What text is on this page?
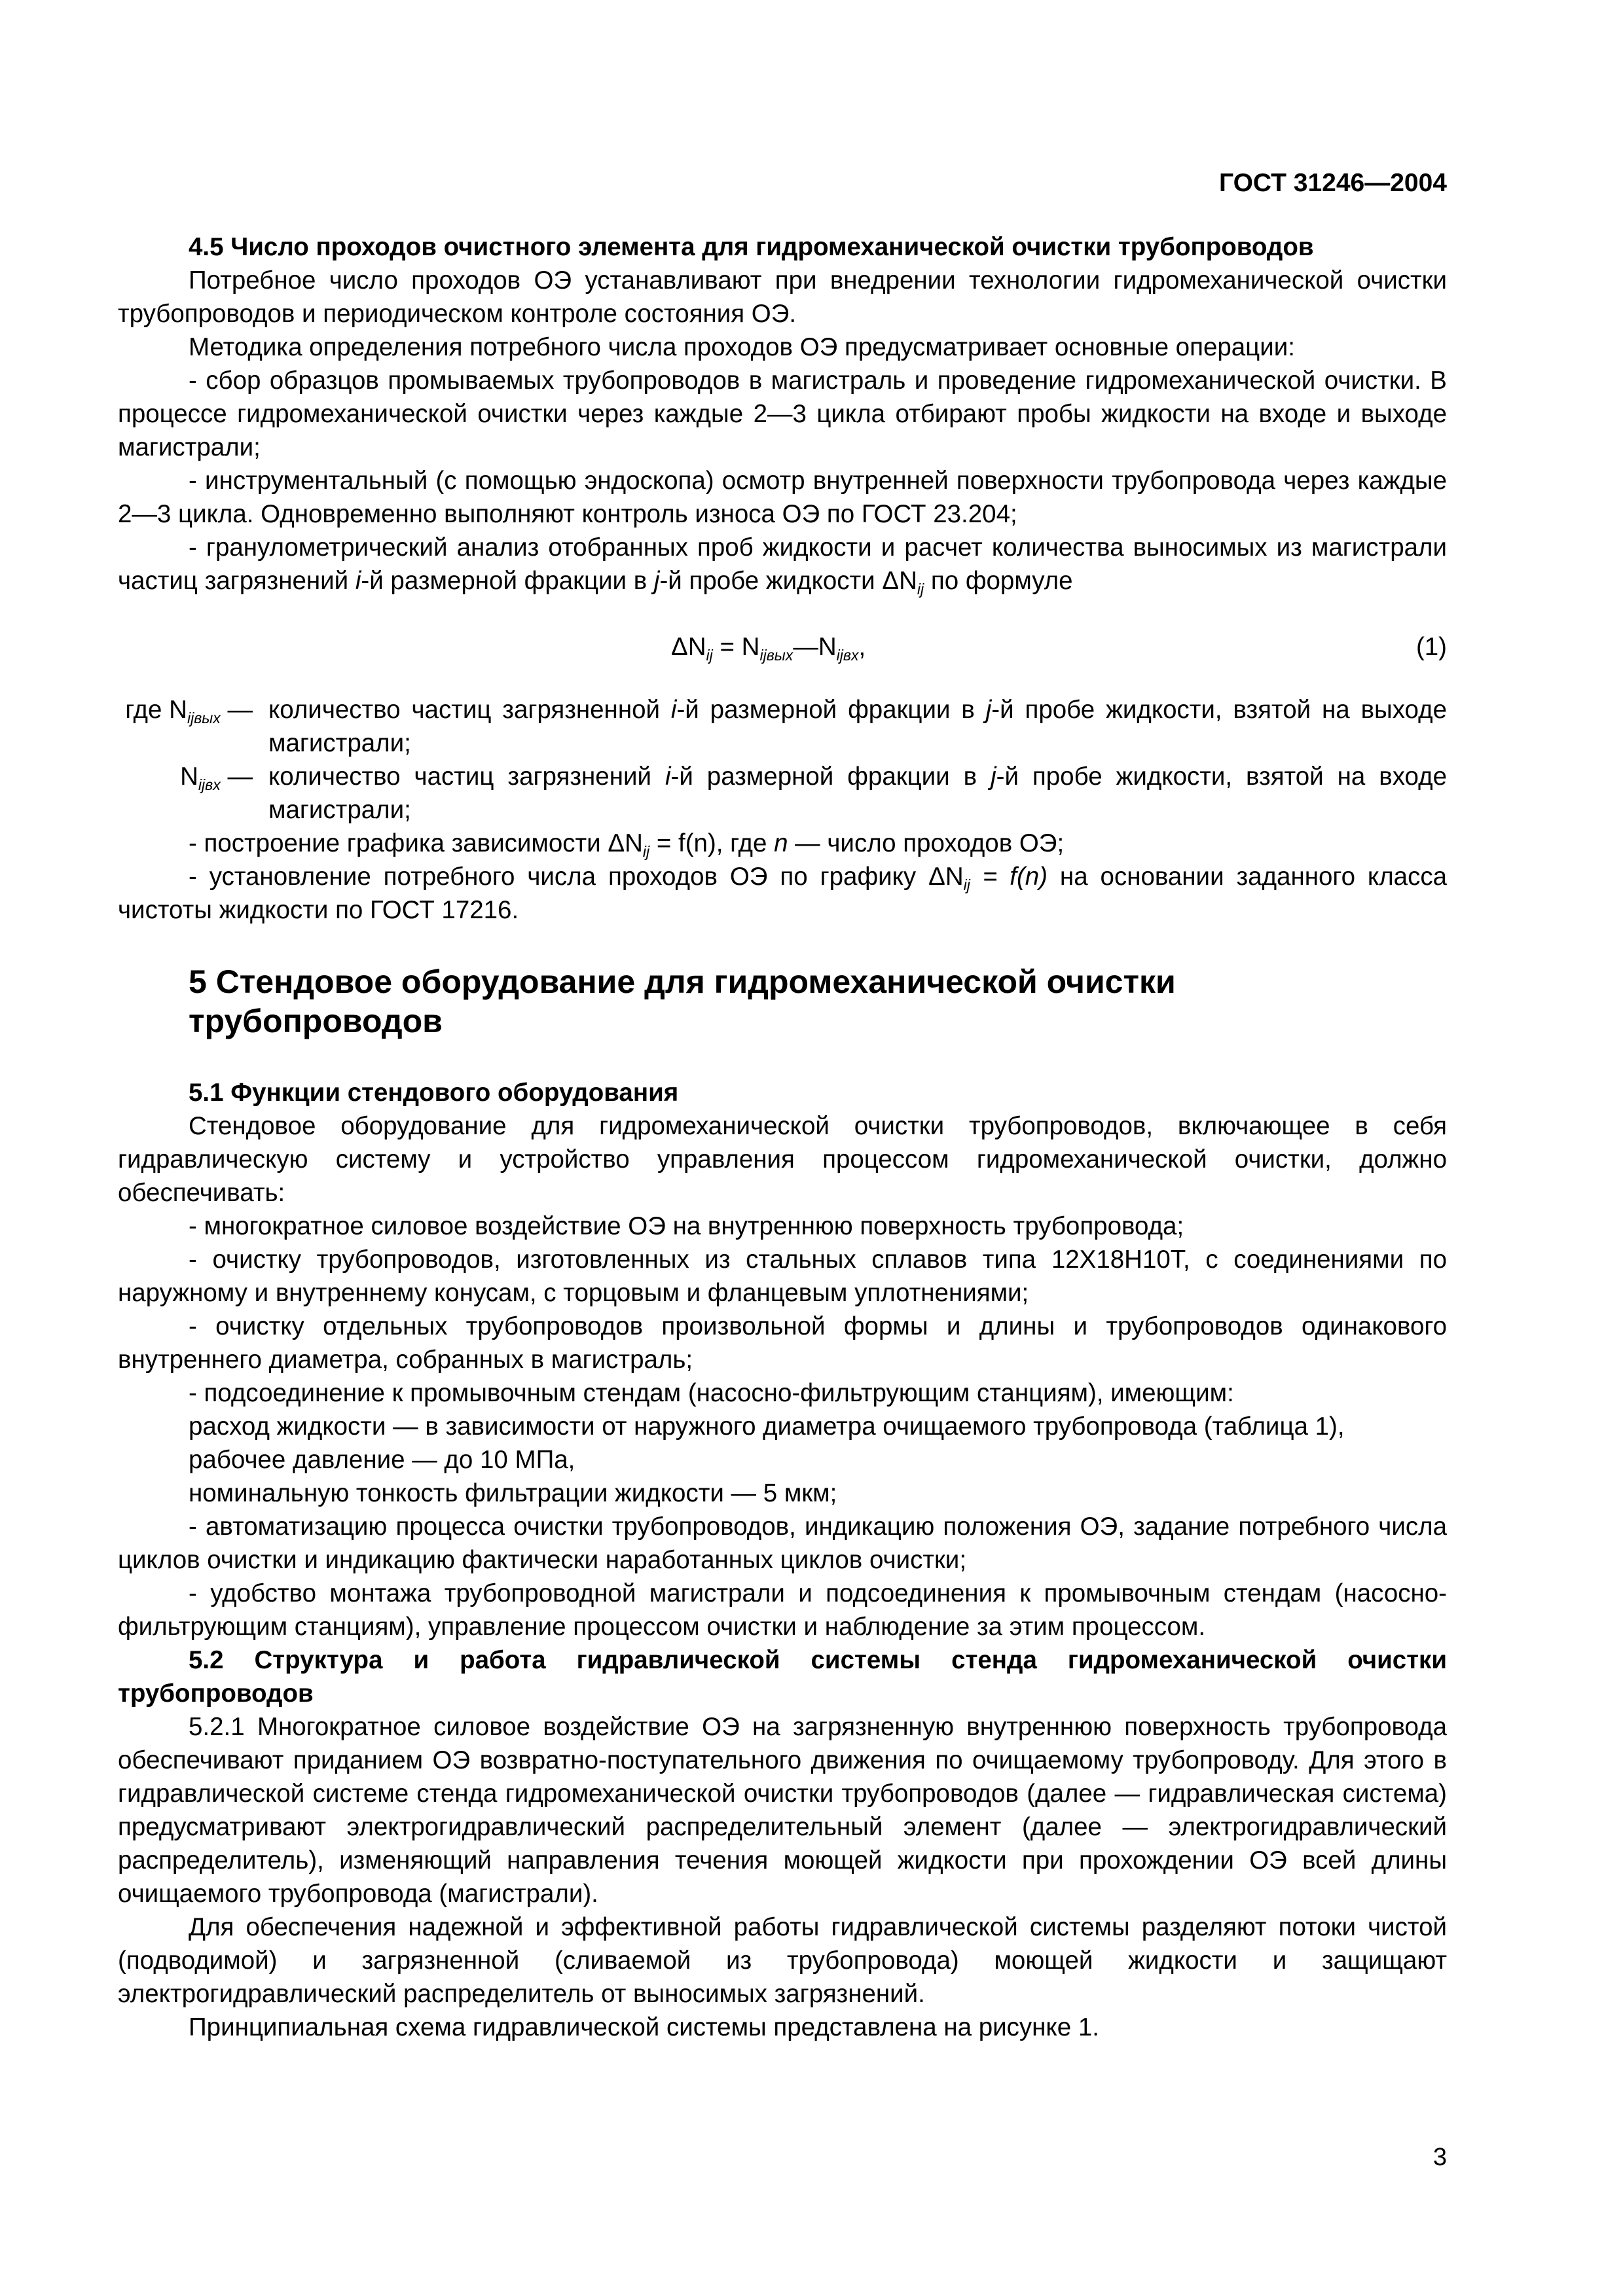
ГОСТ 31246—2004

4.5 Число проходов очистного элемента для гидромеханической очистки трубопроводов

Потребное число проходов ОЭ устанавливают при внедрении технологии гидромеханической очистки трубопроводов и периодическом контроле состояния ОЭ.

Методика определения потребного числа проходов ОЭ предусматривает основные операции:

- сбор образцов промываемых трубопроводов в магистраль и проведение гидромеханической очистки. В процессе гидромеханической очистки через каждые 2—3 цикла отбирают пробы жидкости на входе и выходе магистрали;

- инструментальный (с помощью эндоскопа) осмотр внутренней поверхности трубопровода через каждые 2—3 цикла. Одновременно выполняют контроль износа ОЭ по ГОСТ 23.204;

- гранулометрический анализ отобранных проб жидкости и расчет количества выносимых из магистрали частиц загрязнений i-й размерной фракции в j-й пробе жидкости $\Delta N_{ij}$ по формуле

$\Delta N_{ij}$ = $N_{ijвых}—N_{ijвх}$,	(1)
где $N_{ijвых}$ — количество частиц загрязненной i-й размерной фракции в j-й пробе жидкости, взятой на выходе магистрали;
$N_{ijвх}$ — количество частиц загрязнений i-й размерной фракции в j-й пробе жидкости, взятой на входе магистрали;

- построение графика зависимости $\Delta N_{ij} = f(n)$, где n — число проходов ОЭ;

- установление потребного числа проходов ОЭ по графику $\Delta N_{ij} = f(n)$ на основании заданного класса чистоты жидкости по ГОСТ 17216.

5 Стендовое оборудование для гидромеханической очистки
трубопроводов

5.1 Функции стендового оборудования

Стендовое оборудование для гидромеханической очистки трубопроводов, включающее в себя гидравлическую систему и устройство управления процессом гидромеханической очистки, должно обеспечивать:

- многократное силовое воздействие ОЭ на внутреннюю поверхность трубопровода;

- очистку трубопроводов, изготовленных из стальных сплавов типа 12Х18Н10Т, с соединениями по наружному и внутреннему конусам, с торцовым и фланцевым уплотнениями;

- очистку отдельных трубопроводов произвольной формы и длины и трубопроводов одинакового внутреннего диаметра, собранных в магистраль;

- подсоединение к промывочным стендам (насосно-фильтрующим станциям), имеющим:

расход жидкости — в зависимости от наружного диаметра очищаемого трубопровода (таблица 1),

рабочее давление — до 10 МПа,

номинальную тонкость фильтрации жидкости — 5 мкм;

- автоматизацию процесса очистки трубопроводов, индикацию положения ОЭ, задание потребного числа циклов очистки и индикацию фактически наработанных циклов очистки;

- удобство монтажа трубопроводной магистрали и подсоединения к промывочным стендам (насосно-фильтрующим станциям), управление процессом очистки и наблюдение за этим процессом.

5.2 Структура и работа гидравлической системы стенда гидромеханической очистки трубопроводов

5.2.1 Многократное силовое воздействие ОЭ на загрязненную внутреннюю поверхность трубопровода обеспечивают приданием ОЭ возвратно-поступательного движения по очищаемому трубопроводу. Для этого в гидравлической системе стенда гидромеханической очистки трубопроводов (далее — гидравлическая система) предусматривают электрогидравлический распределительный элемент (далее — электрогидравлический распределитель), изменяющий направления течения моющей жидкости при прохождении ОЭ всей длины очищаемого трубопровода (магистрали).

Для обеспечения надежной и эффективной работы гидравлической системы разделяют потоки чистой (подводимой) и загрязненной (сливаемой из трубопровода) моющей жидкости и защищают электрогидравлический распределитель от выносимых загрязнений.

Принципиальная схема гидравлической системы представлена на рисунке 1.

3
